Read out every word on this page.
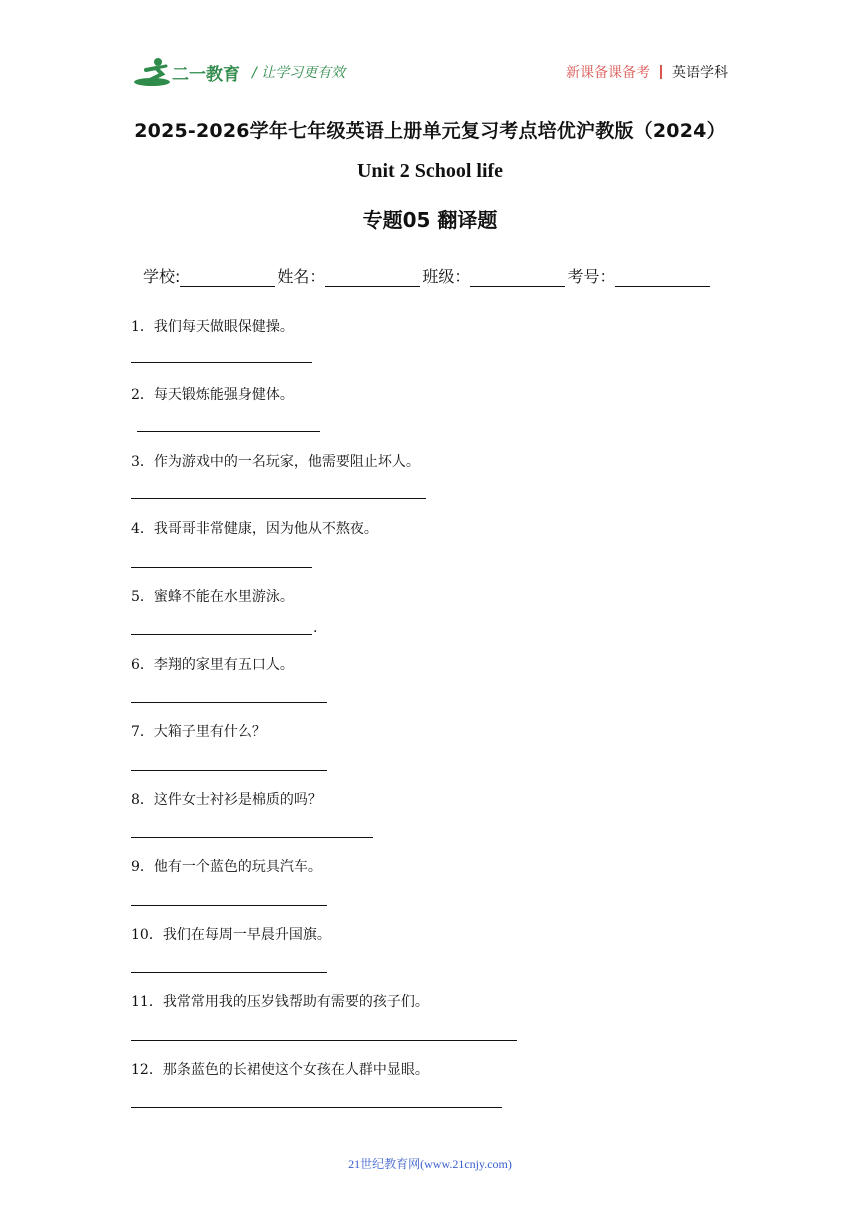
二一教育 / 让学习更有效	新课备课备考 英语学科
2025-2026学年七年级英语上册单元复习考点培优沪教版（2024）
Unit 2 School life
专题05 翻译题
学校:	姓名：	班级：	考号：
1．我们每天做眼保健操。
2．每天锻炼能强身健体。
3．作为游戏中的一名玩家，他需要阻止坏人。
4．我哥哥非常健康，因为他从不熬夜。
5．蜜蜂不能在水里游泳。
.
6．李翔的家里有五口人。
7．大箱子里有什么？
8．这件女士衬衫是棉质的吗？
9．他有一个蓝色的玩具汽车。
10．我们在每周一早晨升国旗。
11．我常常用我的压岁钱帮助有需要的孩子们。
12．那条蓝色的长裙使这个女孩在人群中显眼。
21世纪教育网(www.21cnjy.com)
